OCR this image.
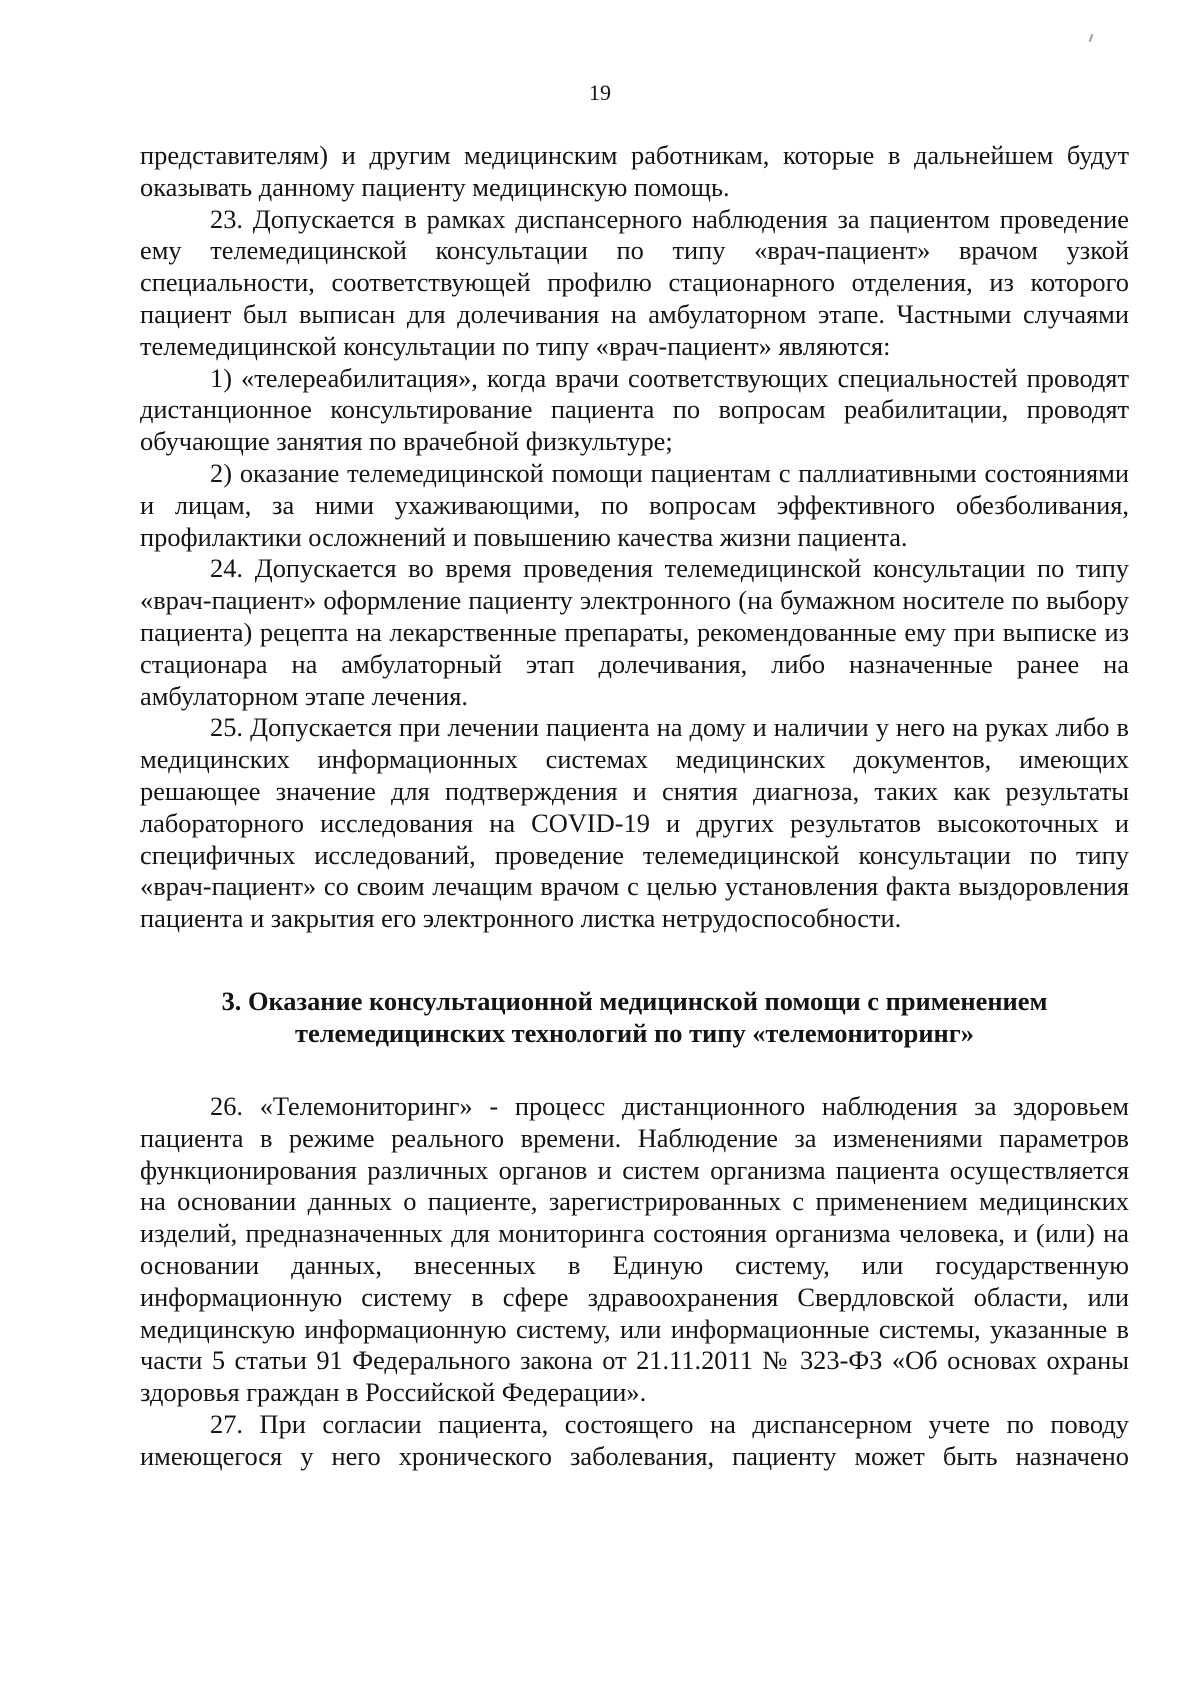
19

представителям) и другим медицинским работникам, которые в дальнейшем будут оказывать данному пациенту медицинскую помощь.

23. Допускается в рамках диспансерного наблюдения за пациентом проведение ему телемедицинской консультации по типу «врач-пациент» врачом узкой специальности, соответствующей профилю стационарного отделения, из которого пациент был выписан для долечивания на амбулаторном этапе. Частными случаями телемедицинской консультации по типу «врач-пациент» являются:

1) «телереабилитация», когда врачи соответствующих специальностей проводят дистанционное консультирование пациента по вопросам реабилитации, проводят обучающие занятия по врачебной физкультуре;

2) оказание телемедицинской помощи пациентам с паллиативными состояниями и лицам, за ними ухаживающими, по вопросам эффективного обезболивания, профилактики осложнений и повышению качества жизни пациента.

24. Допускается во время проведения телемедицинской консультации по типу «врач-пациент» оформление пациенту электронного (на бумажном носителе по выбору пациента) рецепта на лекарственные препараты, рекомендованные ему при выписке из стационара на амбулаторный этап долечивания, либо назначенные ранее на амбулаторном этапе лечения.

25. Допускается при лечении пациента на дому и наличии у него на руках либо в медицинских информационных системах медицинских документов, имеющих решающее значение для подтверждения и снятия диагноза, таких как результаты лабораторного исследования на COVID-19 и других результатов высокоточных и специфичных исследований, проведение телемедицинской консультации по типу «врач-пациент» со своим лечащим врачом с целью установления факта выздоровления пациента и закрытия его электронного листка нетрудоспособности.

3. Оказание консультационной медицинской помощи с применением
телемедицинских технологий по типу «телемониторинг»

26. «Телемониторинг» - процесс дистанционного наблюдения за здоровьем пациента в режиме реального времени. Наблюдение за изменениями параметров функционирования различных органов и систем организма пациента осуществляется на основании данных о пациенте, зарегистрированных с применением медицинских изделий, предназначенных для мониторинга состояния организма человека, и (или) на основании данных, внесенных в Единую систему, или государственную информационную систему в сфере здравоохранения Свердловской области, или медицинскую информационную систему, или информационные системы, указанные в части 5 статьи 91 Федерального закона от 21.11.2011 № 323-ФЗ «Об основах охраны здоровья граждан в Российской Федерации».

27. При согласии пациента, состоящего на диспансерном учете по поводу имеющегося у него хронического заболевания, пациенту может быть назначено
